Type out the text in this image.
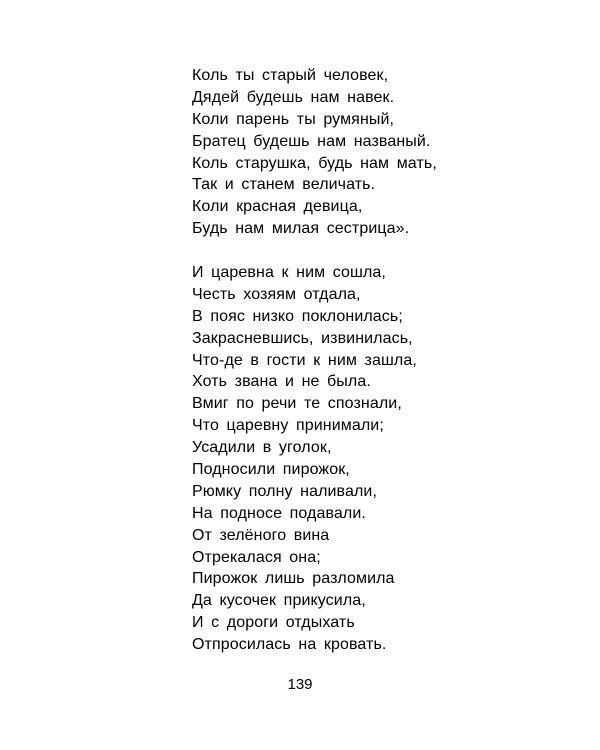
Коль ты старый человек,
Дядей будешь нам навек.
Коли парень ты румяный,
Братец будешь нам названый.
Коль старушка, будь нам мать,
Так и станем величать.
Коли красная девица,
Будь нам милая сестрица».
И царевна к ним сошла,
Честь хозяям отдала,
В пояс низко поклонилась;
Закрасневшись, извинилась,
Что-де в гости к ним зашла,
Хоть звана и не была.
Вмиг по речи те спознали,
Что царевну принимали;
Усадили в уголок,
Подносили пирожок,
Рюмку полну наливали,
На подносе подавали.
От зелёного вина
Отрекалася она;
Пирожок лишь разломила
Да кусочек прикусила,
И с дороги отдыхать
Отпросилась на кровать.
139
